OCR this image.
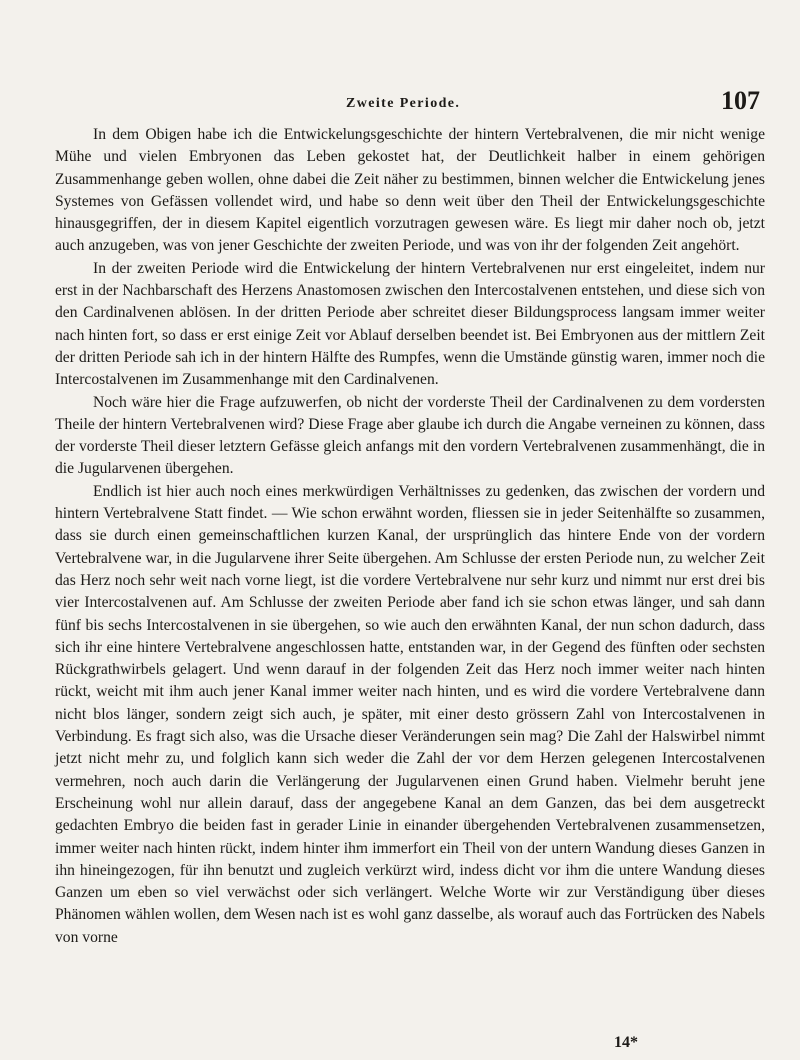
Zweite Periode.	107

In dem Obigen habe ich die Entwickelungsgeschichte der hintern Vertebralvenen, die mir nicht wenige Mühe und vielen Embryonen das Leben gekostet hat, der Deutlichkeit halber in einem gehörigen Zusammenhange geben wollen, ohne dabei die Zeit näher zu bestimmen, binnen welcher die Entwickelung jenes Systemes von Gefässen vollendet wird, und habe so denn weit über den Theil der Entwickelungsgeschichte hinausgegriffen, der in diesem Kapitel eigentlich vorzutragen gewesen wäre. Es liegt mir daher noch ob, jetzt auch anzugeben, was von jener Geschichte der zweiten Periode, und was von ihr der folgenden Zeit angehört.

In der zweiten Periode wird die Entwickelung der hintern Vertebralvenen nur erst eingeleitet, indem nur erst in der Nachbarschaft des Herzens Anastomosen zwischen den Intercostalvenen entstehen, und diese sich von den Cardinalvenen ablösen. In der dritten Periode aber schreitet dieser Bildungsprocess langsam immer weiter nach hinten fort, so dass er erst einige Zeit vor Ablauf derselben beendet ist. Bei Embryonen aus der mittlern Zeit der dritten Periode sah ich in der hintern Hälfte des Rumpfes, wenn die Umstände günstig waren, immer noch die Intercostalvenen im Zusammenhange mit den Cardinalvenen.

Noch wäre hier die Frage aufzuwerfen, ob nicht der vorderste Theil der Cardinalvenen zu dem vordersten Theile der hintern Vertebralvenen wird? Diese Frage aber glaube ich durch die Angabe verneinen zu können, dass der vorderste Theil dieser letztern Gefässe gleich anfangs mit den vordern Vertebralvenen zusammenhängt, die in die Jugularvenen übergehen.

Endlich ist hier auch noch eines merkwürdigen Verhältnisses zu gedenken, das zwischen der vordern und hintern Vertebralvene Statt findet. — Wie schon erwähnt worden, fliessen sie in jeder Seitenhälfte so zusammen, dass sie durch einen gemeinschaftlichen kurzen Kanal, der ursprünglich das hintere Ende von der vordern Vertebralvene war, in die Jugularvene ihrer Seite übergehen. Am Schlusse der ersten Periode nun, zu welcher Zeit das Herz noch sehr weit nach vorne liegt, ist die vordere Vertebralvene nur sehr kurz und nimmt nur erst drei bis vier Intercostalvenen auf. Am Schlusse der zweiten Periode aber fand ich sie schon etwas länger, und sah dann fünf bis sechs Intercostalvenen in sie übergehen, so wie auch den erwähnten Kanal, der nun schon dadurch, dass sich ihr eine hintere Vertebralvene angeschlossen hatte, entstanden war, in der Gegend des fünften oder sechsten Rückgrathwirbels gelagert. Und wenn darauf in der folgenden Zeit das Herz noch immer weiter nach hinten rückt, weicht mit ihm auch jener Kanal immer weiter nach hinten, und es wird die vordere Vertebralvene dann nicht blos länger, sondern zeigt sich auch, je später, mit einer desto grössern Zahl von Intercostalvenen in Verbindung. Es fragt sich also, was die Ursache dieser Veränderungen sein mag? Die Zahl der Halswirbel nimmt jetzt nicht mehr zu, und folglich kann sich weder die Zahl der vor dem Herzen gelegenen Intercostalvenen vermehren, noch auch darin die Verlängerung der Jugularvenen einen Grund haben. Vielmehr beruht jene Erscheinung wohl nur allein darauf, dass der angegebene Kanal an dem Ganzen, das bei dem ausgetreckt gedachten Embryo die beiden fast in gerader Linie in einander übergehenden Vertebralvenen zusammensetzen, immer weiter nach hinten rückt, indem hinter ihm immerfort ein Theil von der untern Wandung dieses Ganzen in ihn hineingezogen, für ihn benutzt und zugleich verkürzt wird, indess dicht vor ihm die untere Wandung dieses Ganzen um eben so viel verwächst oder sich verlängert. Welche Worte wir zur Verständigung über dieses Phänomen wählen wollen, dem Wesen nach ist es wohl ganz dasselbe, als worauf auch das Fortrücken des Nabels von vorne

14*
